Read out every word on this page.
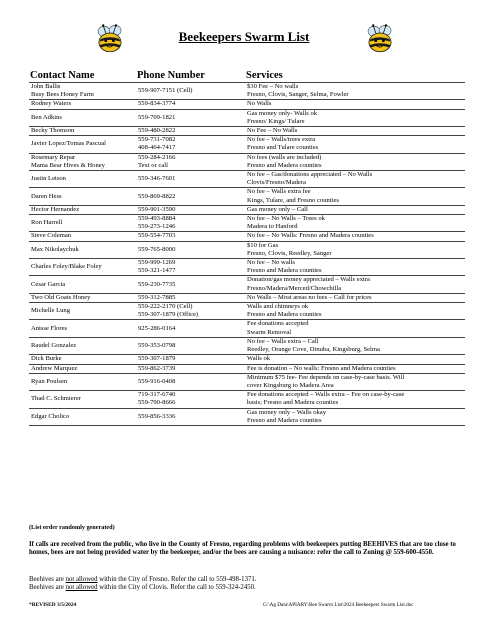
Beekeepers Swarm List
Contact Name	Phone Number	Services

John Ballis
Busy Bees Honey Farm	559-907-7151 (Cell)	$30 Fee – No walls
Fresno, Clovis, Sanger, Selma, Fowler

Rodney Waters	559-834-3774	No Walls

Ben Adkins	559-709-1821	Gas money only- Walls ok
Fresno/ Kings/ Tulare

Becky Thomson	559-480-2822	No Fee – No Walls

Javier Lopez/Tomas Pascual	559-731-7082
408-464-7417	No fee – Walls/trees extra
Fresno and Tulare counties

Rosemary Repar
Mama Bear Hives & Honey	559-284-2166
Text or call	No fees (walls are included)
Fresno and Madera counties

Justin Letson	559-346-7601	No fee – Gas/donations appreciated – No Walls
Clovis/Fresno/Madera

Daren Hess	559-869-8822	No fee – Walls extra fee
Kings, Tulare, and Fresno counties

Hector Hernandez	559-901-3590	Gas money only – Call

Ron Harrell	559-493-8884
559-273-1246	No fee – No Walls – Trees ok
Madera to Hanford

Steve Coleman	559-554-7703	No fee – No Walls: Fresno and Madera counties

Max Nikolaychuk	559-765-8000	$10 for Gas
Fresno, Clovis, Reedley, Sanger

Charles Foley/Blake Foley	559-999-1269
559-321-1477	No fee – No walls
Fresno and Madera counties

Cesar Garcia	559-230-7735	Donation/gas money appreciated – Walls extra
Fresno/Madera/Merced/Chowchilla

Two Old Goats Honey	559-312-7885	No Walls – Most areas no fees – Call for prices

Michelle Lung	559-222-2170 (Cell)
559-307-1879 (Office)	Walls and chimneys ok
Fresno and Madera counties

Anisse Flores	925-286-0164	Fee donations accepted
Swarm Removal

Raudel Gonzalez	559-353-0798	No fee – Walls extra – Call
Reedley, Orange Cove, Dinuba, Kingsburg, Selma

Dick Burke	559-307-1879	Walls ok

Andrew Marquez	559-862-3739	Fee is donation – No walls: Fresno and Madera counties

Ryan Poulsen	559-916-0408	Minimum $75 fee- Fee depends on case-by-case basis. Will
cover Kingsburg to Madera Area

Thad C. Schmierer	719-317-6740
559-790-8666	Fee donations accepted – Walls extra – Fee on case-by-case
basis; Fresno and Madera counties

Edgar Cholico	559-856-3336	Gas money only – Walls okay
Fresno and Madera counties
(List order randomly generated)
If calls are received from the public, who live in the County of Fresno, regarding problems with beekeepers putting BEEHIVES that are too close to homes, bees are not being provided water by the beekeeper, and/or the bees are causing a nuisance: refer the call to Zoning @ 559-600-4550.
Beehives are not allowed within the City of Fresno. Refer the call to 559-498-1371.
Beehives are not allowed within the City of Clovis. Refer the call to 559-324-2450.
*REVISED 3/5/2024	G:\Ag Data\APIARY\Bee Swarm List\2024 Beekeepers Swarm List.doc
